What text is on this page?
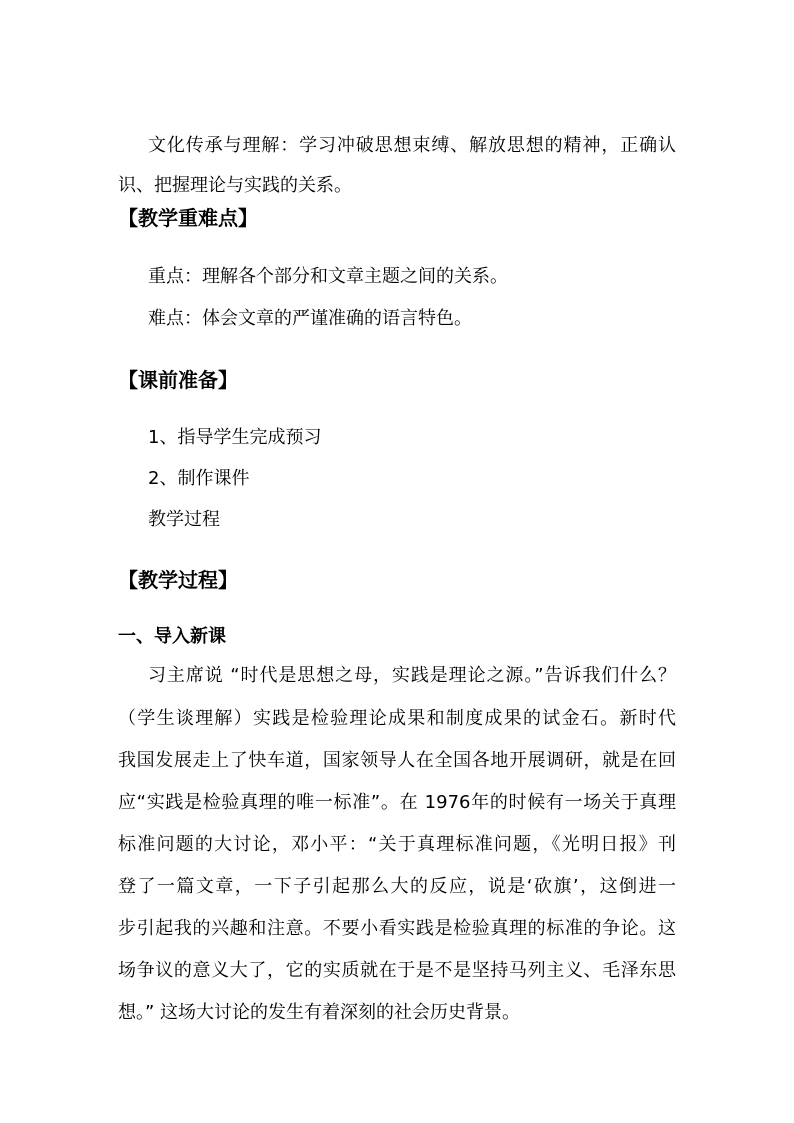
文化传承与理解：学习冲破思想束缚、解放思想的精神，正确认
识、把握理论与实践的关系。
【教学重难点】
重点：理解各个部分和文章主题之间的关系。
难点：体会文章的严谨准确的语言特色。
【课前准备】
1、指导学生完成预习
2、制作课件
教学过程
【教学过程】
一、导入新课
习主席说 “时代是思想之母，实践是理论之源。”告诉我们什么？
（学生谈理解）实践是检验理论成果和制度成果的试金石。新时代
我国发展走上了快车道，国家领导人在全国各地开展调研，就是在回
应“实践是检验真理的唯一标准”。在 1976年的时候有一场关于真理
标准问题的大讨论，邓小平：“关于真理标准问题，《光明日报》刊
登了一篇文章，一下子引起那么大的反应，说是‘砍旗’，这倒进一
步引起我的兴趣和注意。不要小看实践是检验真理的标准的争论。这
场争议的意义大了，它的实质就在于是不是坚持马列主义、毛泽东思
想。” 这场大讨论的发生有着深刻的社会历史背景。
